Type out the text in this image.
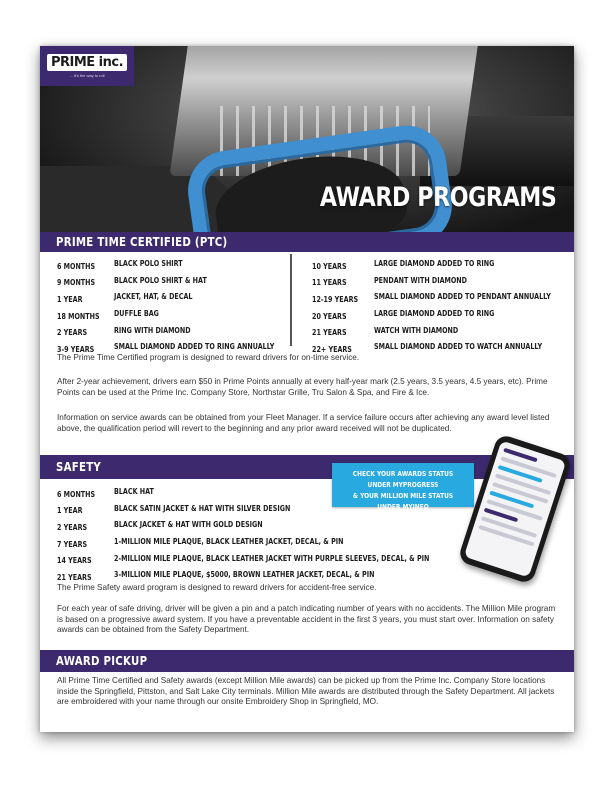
PRIME inc.
... it's the way to roll
AWARD PROGRAMS
PRIME TIME CERTIFIED (PTC)
6 MONTHS	BLACK POLO SHIRT
9 MONTHS	BLACK POLO SHIRT & HAT
1 YEAR	JACKET, HAT, & DECAL
18 MONTHS	DUFFLE BAG
2 YEARS	RING WITH DIAMOND
3-9 YEARS	SMALL DIAMOND ADDED TO RING ANNUALLY
10 YEARS	LARGE DIAMOND ADDED TO RING
11 YEARS	PENDANT WITH DIAMOND
12-19 YEARS	SMALL DIAMOND ADDED TO PENDANT ANNUALLY
20 YEARS	LARGE DIAMOND ADDED TO RING
21 YEARS	WATCH WITH DIAMOND
22+ YEARS	SMALL DIAMOND ADDED TO WATCH ANNUALLY
The Prime Time Certified program is designed to reward drivers for on-time service.
After 2-year achievement, drivers earn $50 in Prime Points annually at every half-year mark (2.5 years, 3.5 years, 4.5 years, etc). Prime Points can be used at the Prime Inc. Company Store, Northstar Grille, Tru Salon & Spa, and Fire & Ice.
Information on service awards can be obtained from your Fleet Manager. If a service failure occurs after achieving any award level listed above, the qualification period will revert to the beginning and any prior award received will not be duplicated.
SAFETY
6 MONTHS	BLACK HAT
1 YEAR	BLACK SATIN JACKET & HAT WITH SILVER DESIGN
2 YEARS	BLACK JACKET & HAT WITH GOLD DESIGN
7 YEARS	1-MILLION MILE PLAQUE, BLACK LEATHER JACKET, DECAL, & PIN
14 YEARS	2-MILLION MILE PLAQUE, BLACK LEATHER JACKET WITH PURPLE SLEEVES, DECAL, & PIN
21 YEARS	3-MILLION MILE PLAQUE, $5000, BROWN LEATHER JACKET, DECAL, & PIN
The Prime Safety award program is designed to reward drivers for accident-free service.
For each year of safe driving, driver will be given a pin and a patch indicating number of years with no accidents. The Million Mile program is based on a progressive award system. If you have a preventable accident in the first 3 years, you must start over. Information on safety awards can be obtained from the Safety Department.
AWARD PICKUP
All Prime Time Certified and Safety awards (except Million Mile awards) can be picked up from the Prime Inc. Company Store locations inside the Springfield, Pittston, and Salt Lake City terminals. Million Mile awards are distributed through the Safety Department. All jackets are embroidered with your name through our onsite Embroidery Shop in Springfield, MO.
CHECK YOUR AWARDS STATUS UNDER MYPROGRESS
& YOUR MILLION MILE STATUS UNDER MYINFO
IN THE PRIME APP!
